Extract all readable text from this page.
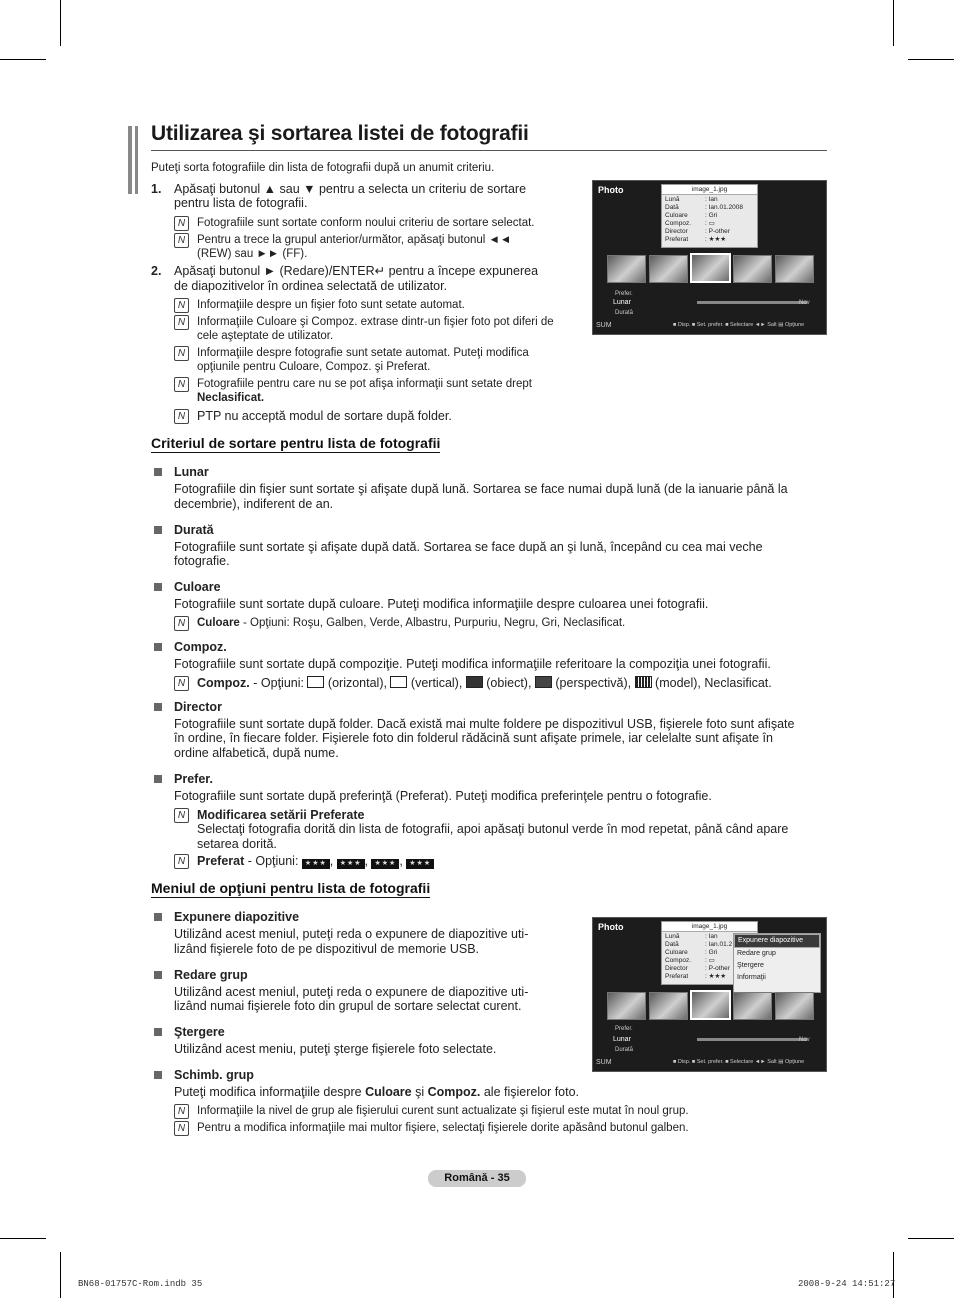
Utilizarea şi sortarea listei de fotografii
Puteţi sorta fotografiile din lista de fotografii după un anumit criteriu.
1. Apăsaţi butonul ▲ sau ▼ pentru a selecta un criteriu de sortare
pentru lista de fotografii.
N	Fotografiile sunt sortate conform noului criteriu de sortare selectat.
N	Pentru a trece la grupul anterior/următor, apăsaţi butonul ◄◄
(REW) sau ►► (FF).
2. Apăsaţi butonul ► (Redare)/ENTER↵ pentru a începe expunerea
de diapozitivelor în ordinea selectată de utilizator.
N	Informaţiile despre un fişier foto sunt setate automat.
N	Informaţiile Culoare şi Compoz. extrase dintr-un fişier foto pot diferi de
cele aşteptate de utilizator.
N	Informaţiile despre fotografie sunt setate automat. Puteţi modifica
opţiunile pentru Culoare, Compoz. şi Preferat.
N	Fotografiile pentru care nu se pot afişa informaţii sunt setate drept
Neclasificat.
N PTP nu acceptă modul de sortare după folder.
Photo	image_1.jpg
Lună	: Ian
Dată	: Ian.01.2008
Culoare	: Gri
Compoz. : ▭
Director	: P-other
Preferat	: ★★★
Prefer.
Lunar	Nov
Durată
SUM	■ Disp. ■ Set. prefer. ■ Selectare ◄► Salt ▤ Opţiune
Criteriul de sortare pentru lista de fotografii
Lunar
Fotografiile din fişier sunt sortate şi afişate după lună. Sortarea se face numai după lună (de la ianuarie până la
decembrie), indiferent de an.
Durată
Fotografiile sunt sortate şi afişate după dată. Sortarea se face după an şi lună, începând cu cea mai veche
fotografie.
Culoare
Fotografiile sunt sortate după culoare. Puteţi modifica informaţiile despre culoarea unei fotografii.
N	Culoare - Opţiuni: Roşu, Galben, Verde, Albastru, Purpuriu, Negru, Gri, Neclasificat.
Compoz.
Fotografiile sunt sortate după compoziţie. Puteţi modifica informaţiile referitoare la compoziţia unei fotografii.
N Compoz. - Opţiuni:  (orizontal),  (vertical),  (obiect),  (perspectivă),  (model), Neclasificat.
Director
Fotografiile sunt sortate după folder. Dacă există mai multe foldere pe dispozitivul USB, fişierele foto sunt afişate
în ordine, în fiecare folder. Fişierele foto din folderul rădăcină sunt afişate primele, iar celelalte sunt afişate în
ordine alfabetică, după nume.
Prefer.
Fotografiile sunt sortate după preferinţă (Preferat). Puteţi modifica preferinţele pentru o fotografie.
N Modificarea setării Preferate
Selectaţi fotografia dorită din lista de fotografii, apoi apăsaţi butonul verde în mod repetat, până când apare
setarea dorită.
N Preferat - Opţiuni: ★★★ , ★★★ , ★★★ , ★★★
Meniul de opţiuni pentru lista de fotografii
Expunere diapozitive
Utilizând acest meniul, puteţi reda o expunere de diapozitive uti-
lizând fişierele foto de pe dispozitivul de memorie USB.
Redare grup
Utilizând acest meniul, puteţi reda o expunere de diapozitive uti-
lizând numai fişierele foto din grupul de sortare selectat curent.
Ştergere
Utilizând acest meniu, puteţi şterge fişierele foto selectate.
Schimb. grup
Puteţi modifica informaţiile despre Culoare şi Compoz. ale fişierelor foto.
N	Informaţiile la nivel de grup ale fişierului curent sunt actualizate şi fişierul este mutat în noul grup.
N	Pentru a modifica informaţiile mai multor fişiere, selectaţi fişierele dorite apăsând butonul galben.
Photo	image_1.jpg
Lună	: Ian
Dată	: Ian.01.2
Culoare	: Gri
Compoz. : ▭
Director	: P-other
Preferat	: ★★★
Expunere diapozitive
Redare grup
Ştergere
Informaţii
Prefer.
Lunar	Nov
Durată
SUM	■ Disp. ■ Set. prefer. ■ Selectare ◄► Salt ▤ Opţiune
Română - 35
BN68-01757C-Rom.indb 35	2008-9-24 14:51:27
